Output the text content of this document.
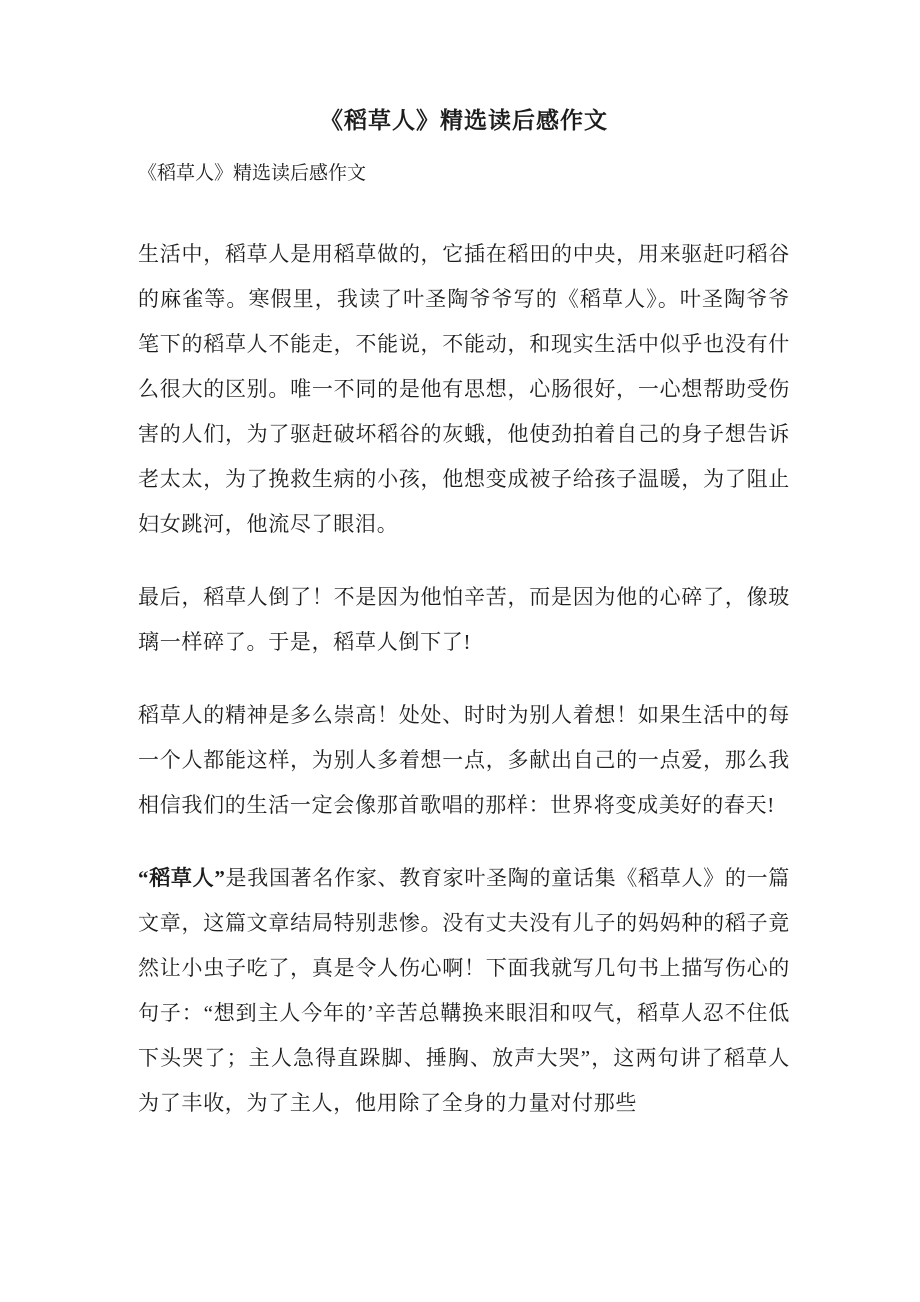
《稻草人》精选读后感作文

《稻草人》精选读后感作文

生活中，稻草人是用稻草做的，它插在稻田的中央，用来驱赶叼稻谷的麻雀等。寒假里，我读了叶圣陶爷爷写的《稻草人》。叶圣陶爷爷笔下的稻草人不能走，不能说，不能动，和现实生活中似乎也没有什么很大的区别。唯一不同的是他有思想，心肠很好，一心想帮助受伤害的人们，为了驱赶破坏稻谷的灰蛾，他使劲拍着自己的身子想告诉老太太，为了挽救生病的小孩，他想变成被子给孩子温暖，为了阻止妇女跳河，他流尽了眼泪。

最后，稻草人倒了！不是因为他怕辛苦，而是因为他的心碎了，像玻璃一样碎了。于是，稻草人倒下了!

稻草人的精神是多么崇高！处处、时时为别人着想！如果生活中的每一个人都能这样，为别人多着想一点，多献出自己的一点爱，那么我相信我们的生活一定会像那首歌唱的那样：世界将变成美好的春天!

“稻草人”是我国著名作家、教育家叶圣陶的童话集《稻草人》的一篇文章，这篇文章结局特别悲惨。没有丈夫没有儿子的妈妈种的稻子竟然让小虫子吃了，真是令人伤心啊！下面我就写几句书上描写伤心的句子：“想到主人今年的’辛苦总鞲换来眼泪和叹气，稻草人忍不住低下头哭了；主人急得直跺脚、捶胸、放声大哭”，这两句讲了稻草人为了丰收，为了主人，他用除了全身的力量对付那些
